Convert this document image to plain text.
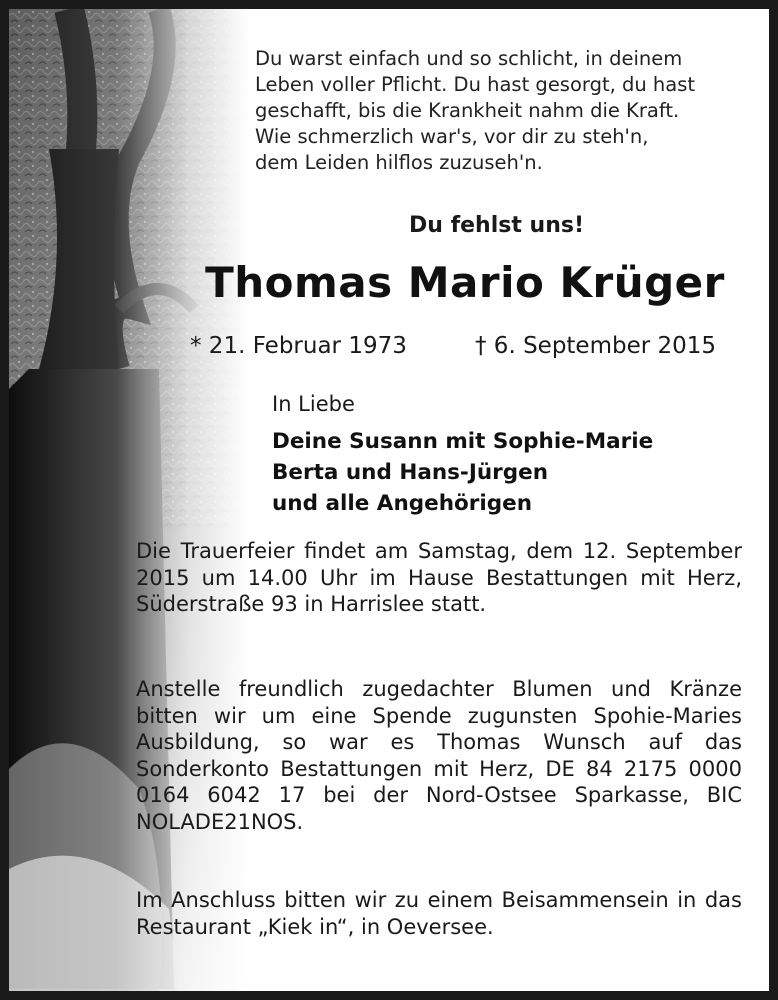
Du warst einfach und so schlicht, in deinem
Leben voller Pflicht. Du hast gesorgt, du hast
geschafft, bis die Krankheit nahm die Kraft.
Wie schmerzlich war's, vor dir zu steh'n,
dem Leiden hilflos zuzuseh'n.
Du fehlst uns!
Thomas Mario Krüger
* 21. Februar 1973	† 6. September 2015
In Liebe
Deine Susann mit Sophie-Marie
Berta und Hans-Jürgen
und alle Angehörigen
Die Trauerfeier findet am Samstag, dem 12. September 2015 um 14.00 Uhr im Hause Bestattungen mit Herz, Süderstraße 93 in Harrislee statt.
Anstelle freundlich zugedachter Blumen und Kränze bitten wir um eine Spende zugunsten Spohie-Maries Ausbildung, so war es Thomas Wunsch auf das Sonderkonto Bestattungen mit Herz, DE 84 2175 0000 0164 6042 17 bei der Nord-Ostsee Sparkasse, BIC NOLADE21NOS.
Im Anschluss bitten wir zu einem Beisammensein in das Restaurant „Kiek in“, in Oeversee.
